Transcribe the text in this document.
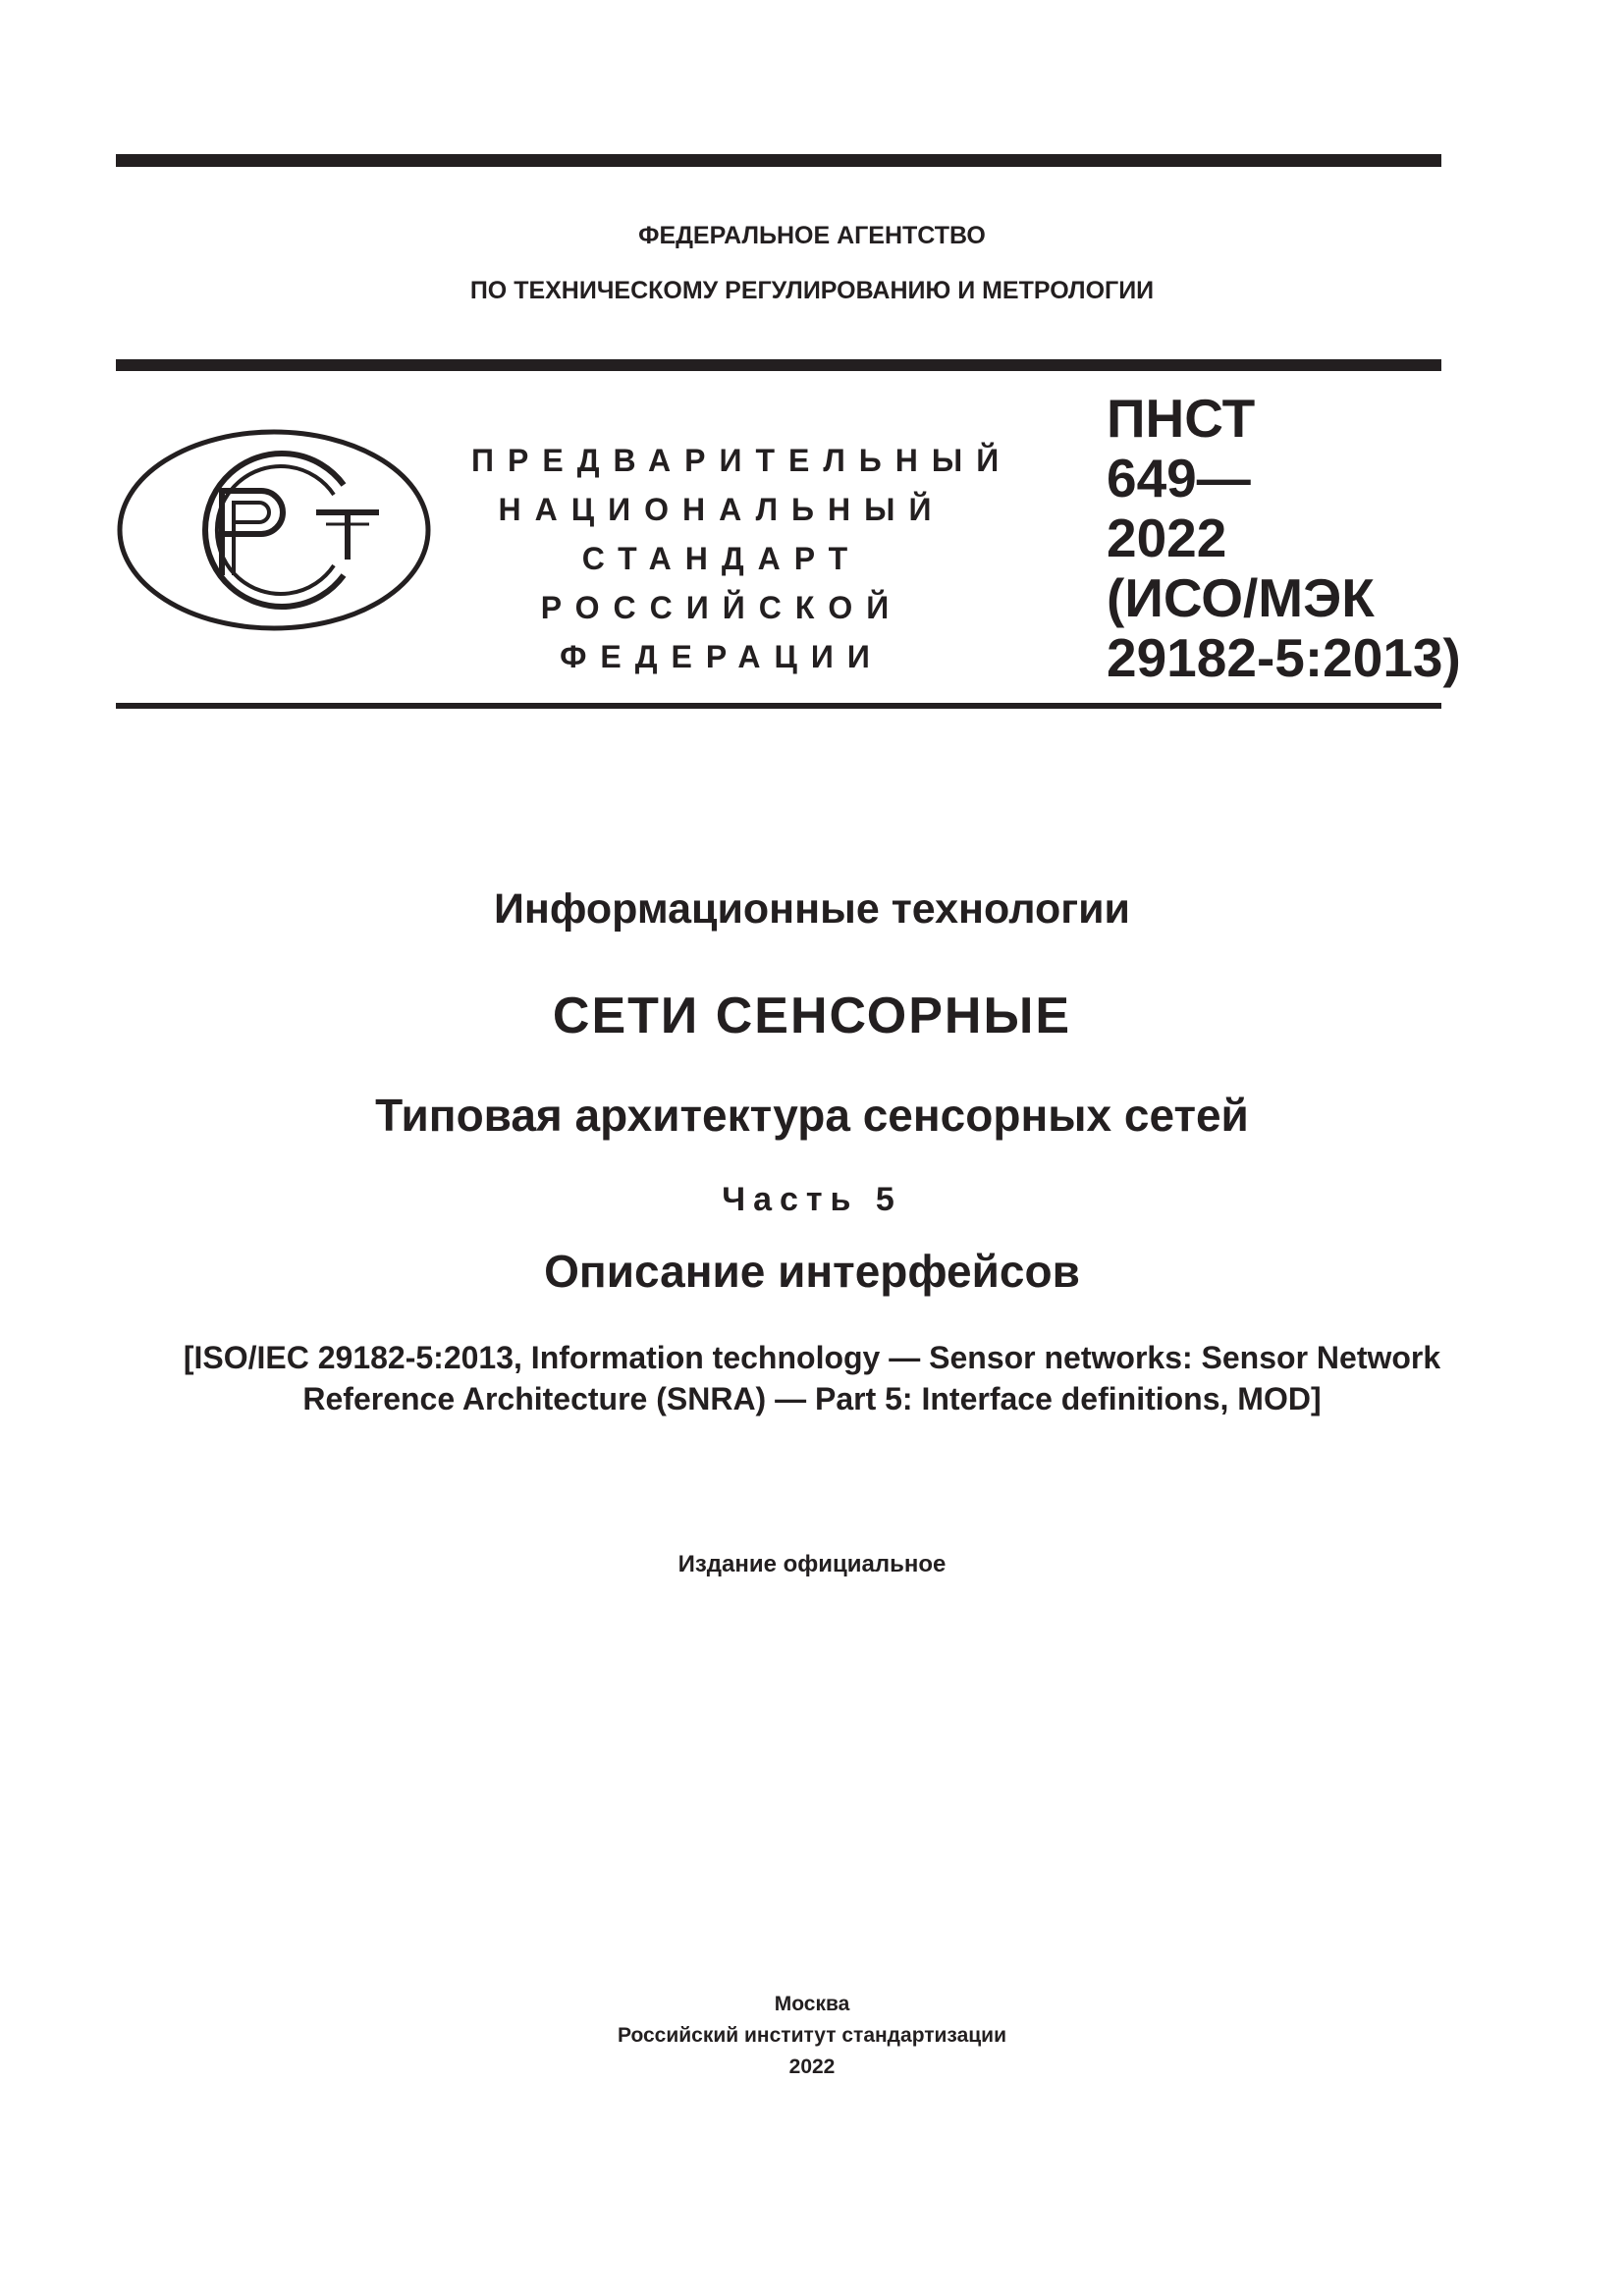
ФЕДЕРАЛЬНОЕ АГЕНТСТВО
ПО ТЕХНИЧЕСКОМУ РЕГУЛИРОВАНИЮ И МЕТРОЛОГИИ
ПРЕДВАРИТЕЛЬНЫЙ
НАЦИОНАЛЬНЫЙ
СТАНДАРТ
РОССИЙСКОЙ
ФЕДЕРАЦИИ
ПНСТ
649—
2022
(ИСО/МЭК
29182-5:2013)
Информационные технологии
СЕТИ СЕНСОРНЫЕ
Типовая архитектура сенсорных сетей
Часть 5
Описание интерфейсов
[ISO/IEC 29182-5:2013, Information technology — Sensor networks: Sensor Network
Reference Architecture (SNRA) — Part 5: Interface definitions, MOD]
Издание официальное
Москва
Российский институт стандартизации
2022
